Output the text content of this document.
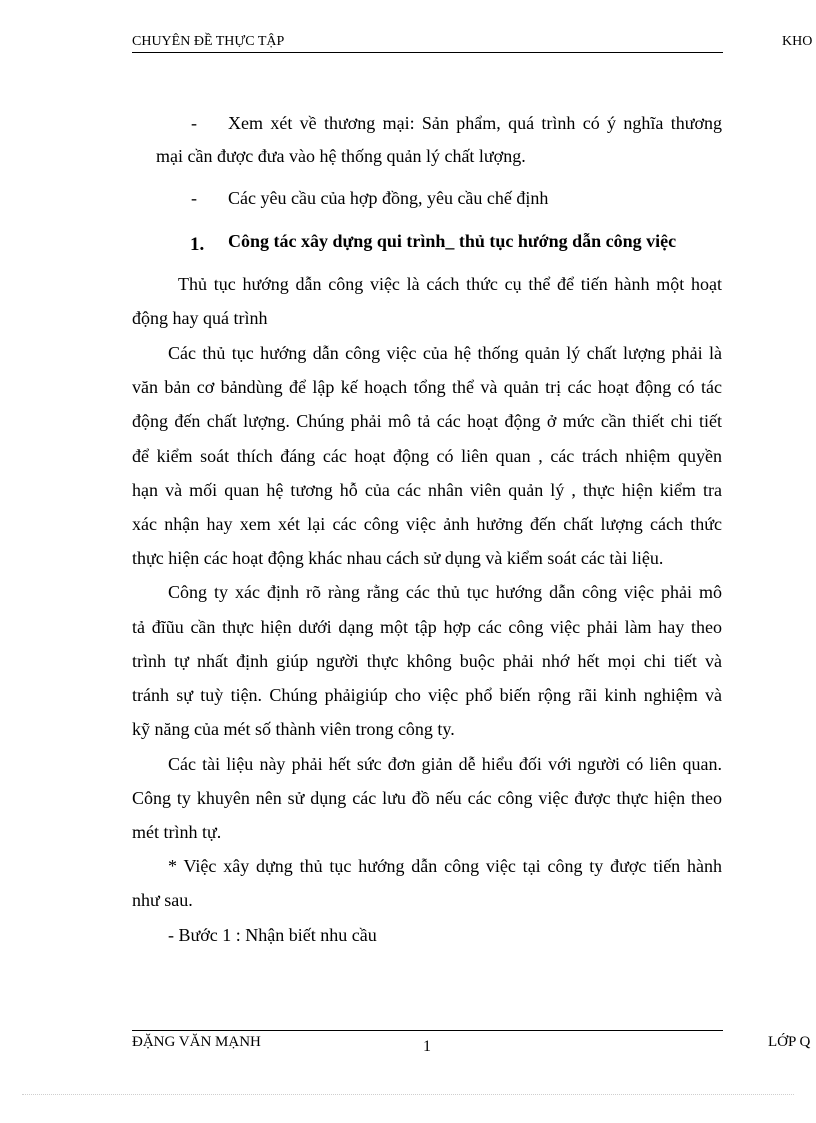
CHUYÊN ĐỀ THỰC TẬP	KHO
- Xem xét về thương mại: Sản phẩm, quá trình có ý nghĩa thương
mại cần được đưa vào hệ thống quản lý chất lượng.
- Các yêu cầu của hợp đồng, yêu cầu chế định
1. Công tác xây dựng qui trình_ thủ tục hướng dẫn công việc
Thủ tục hướng dẫn công việc là cách thức cụ thể để tiến hành một hoạt
động hay quá trình
Các thủ tục hướng dẫn công việc của hệ thống quản lý chất lượng phải là
văn bản cơ bảndùng để lập kế hoạch tổng thể và quản trị các hoạt động có tác
động đến chất lượng. Chúng phải mô tả các hoạt động ở mức cần thiết chi tiết
để kiểm soát thích đáng các hoạt động có liên quan , các trách nhiệm quyền
hạn và mối quan hệ tương hỗ của các nhân viên quản lý , thực hiện kiểm tra
xác nhận hay xem xét lại các công việc ảnh hưởng đến chất lượng cách thức
thực hiện các hoạt động khác nhau cách sử dụng và kiểm soát các tài liệu.
Công ty xác định rõ ràng rằng các thủ tục hướng dẫn công việc phải mô
tả đĩũu cần thực hiện dưới dạng một tập hợp các công việc phải làm hay theo
trình tự nhất định giúp người thực không buộc phải nhớ hết mọi chi tiết và
tránh sự tuỳ tiện. Chúng phảigiúp cho việc phổ biến rộng rãi kinh nghiệm và
kỹ năng của mét số thành viên trong công ty.
Các tài liệu này phải hết sức đơn giản dễ hiểu đối với người có liên quan.
Công ty khuyên nên sử dụng các lưu đồ nếu các công việc được thực hiện theo
mét trình tự.
* Việc xây dựng thủ tục hướng dẫn công việc tại công ty được tiến hành
như sau.
- Bước 1 : Nhận biết nhu cầu
ĐẶNG VĂN MẠNH	1	LỚP Q
